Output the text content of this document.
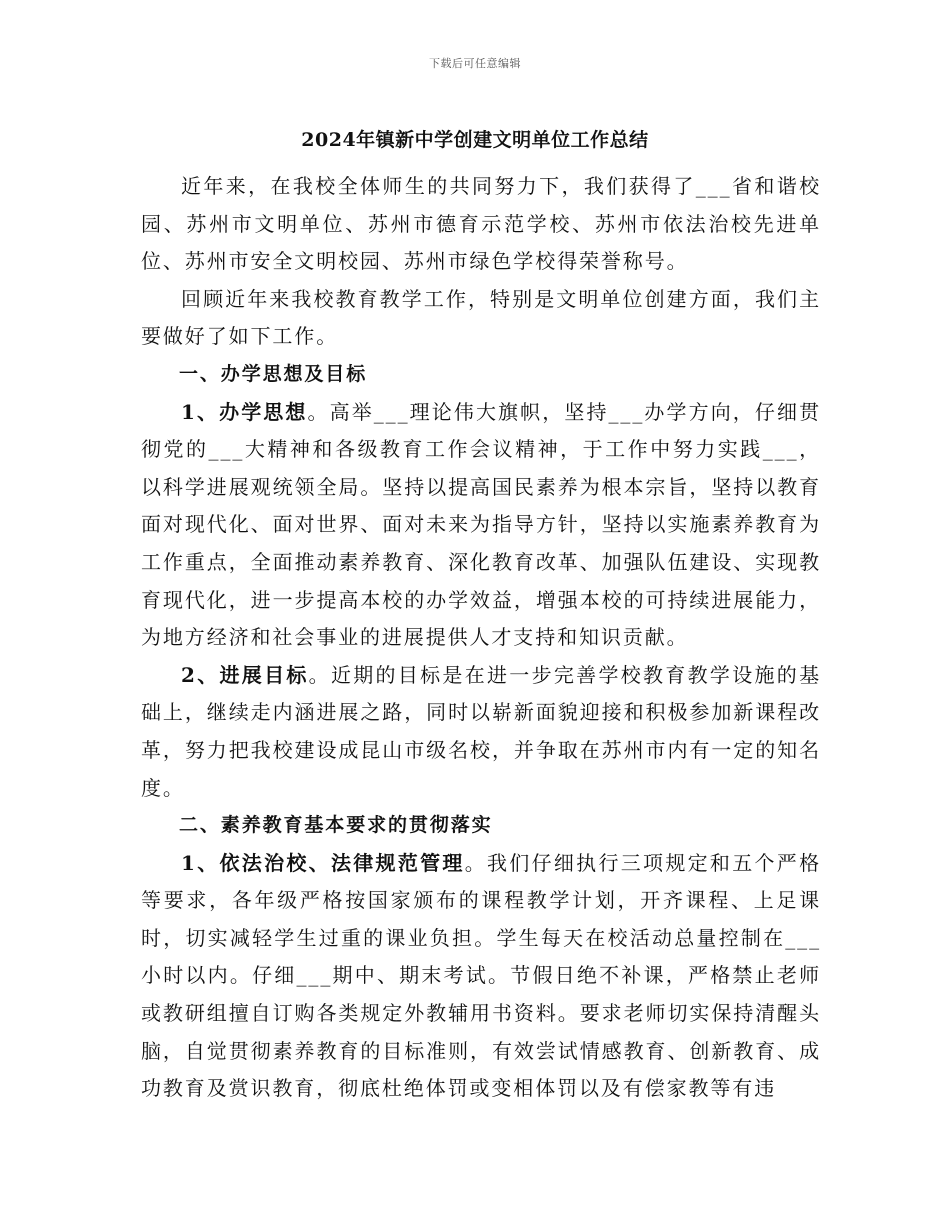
下载后可任意编辑
2024年镇新中学创建文明单位工作总结

近年来，在我校全体师生的共同努力下，我们获得了___省和谐校园、苏州市文明单位、苏州市德育示范学校、苏州市依法治校先进单位、苏州市安全文明校园、苏州市绿色学校得荣誉称号。

回顾近年来我校教育教学工作，特别是文明单位创建方面，我们主要做好了如下工作。

一、办学思想及目标

1、办学思想。高举___理论伟大旗帜，坚持___办学方向，仔细贯彻党的___大精神和各级教育工作会议精神，于工作中努力实践___，以科学进展观统领全局。坚持以提高国民素养为根本宗旨，坚持以教育面对现代化、面对世界、面对未来为指导方针，坚持以实施素养教育为工作重点，全面推动素养教育、深化教育改革、加强队伍建设、实现教育现代化，进一步提高本校的办学效益，增强本校的可持续进展能力，为地方经济和社会事业的进展提供人才支持和知识贡献。

2、进展目标。近期的目标是在进一步完善学校教育教学设施的基础上，继续走内涵进展之路，同时以崭新面貌迎接和积极参加新课程改革，努力把我校建设成昆山市级名校，并争取在苏州市内有一定的知名度。

二、素养教育基本要求的贯彻落实

1、依法治校、法律规范管理。我们仔细执行三项规定和五个严格等要求，各年级严格按国家颁布的课程教学计划，开齐课程、上足课时，切实减轻学生过重的课业负担。学生每天在校活动总量控制在___小时以内。仔细___期中、期末考试。节假日绝不补课，严格禁止老师或教研组擅自订购各类规定外教辅用书资料。要求老师切实保持清醒头脑，自觉贯彻素养教育的目标准则，有效尝试情感教育、创新教育、成功教育及赏识教育，彻底杜绝体罚或变相体罚以及有偿家教等有违
